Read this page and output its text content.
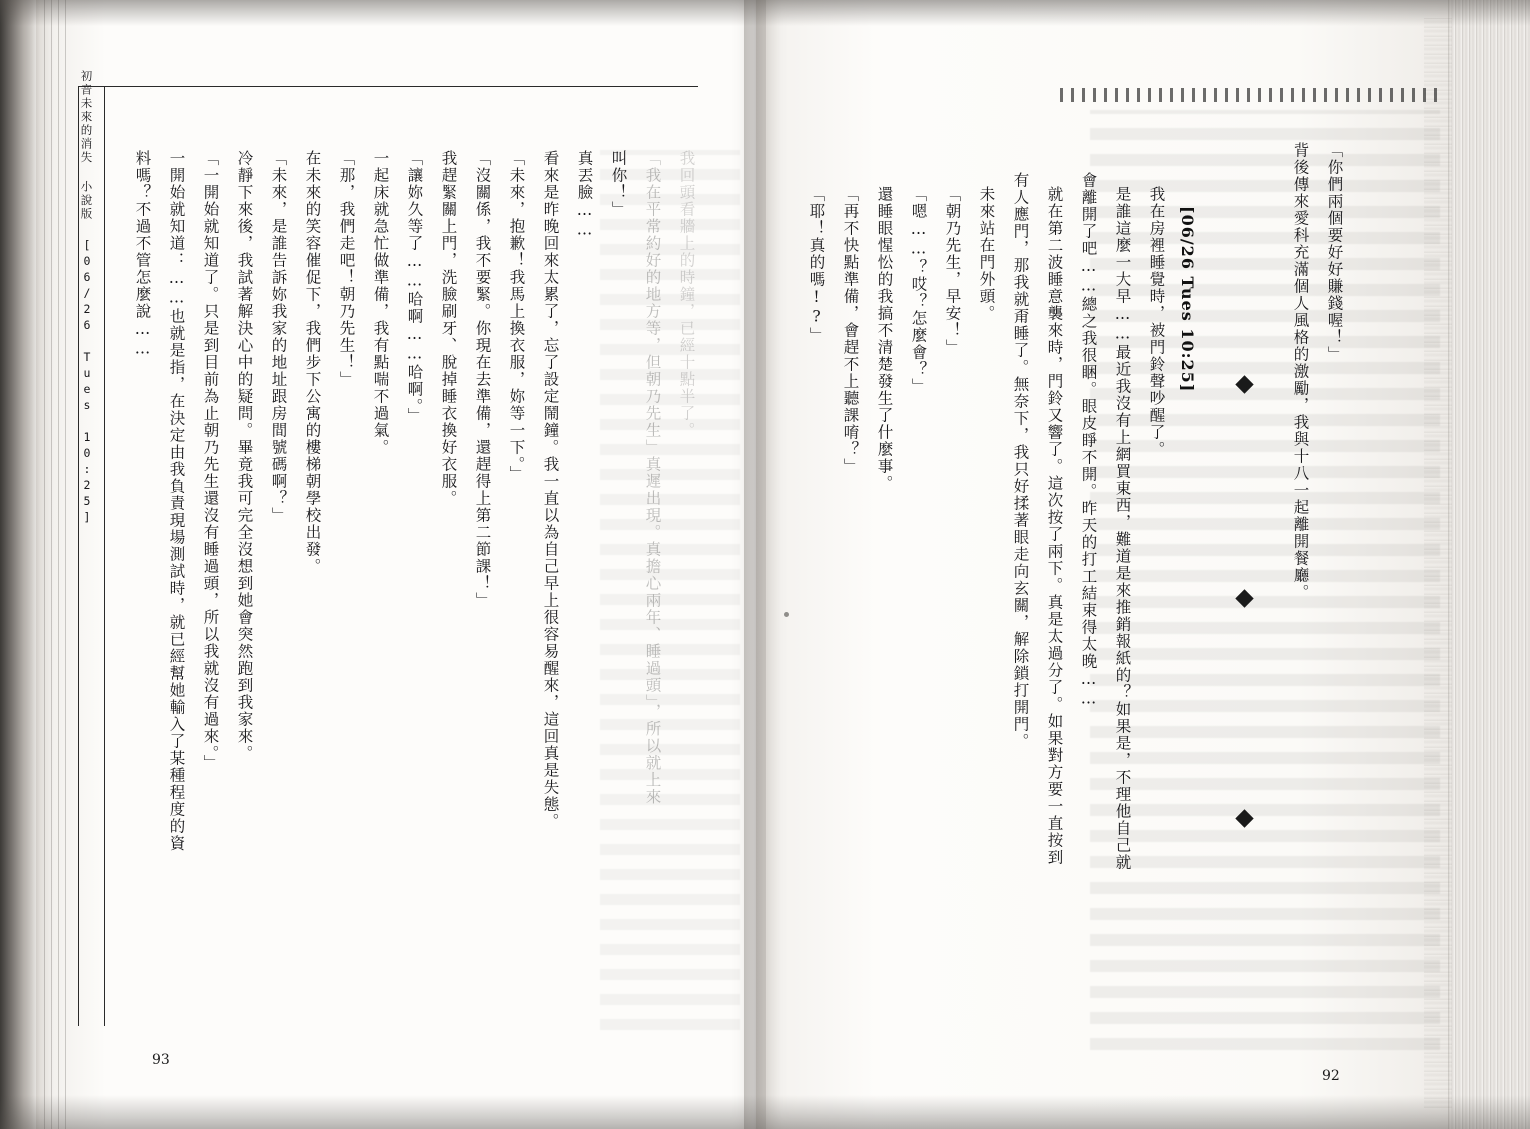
初音未來的消失 小說版
[06/26 Tues 10:25]	料嗎？不過不管怎麼說…… 一開始就知道：……也就是指，在決定由我負責現場測試時，就已經幫她輸入了某種程度的資 「一開始就知道了。只是到目前為止朝乃先生還沒有睡過頭，所以我就沒有過來。」 冷靜下來後，我試著解決心中的疑問。畢竟我可完全沒想到她會突然跑到我家來。 「未來，是誰告訴妳我家的地址跟房間號碼啊？」 在未來的笑容催促下，我們步下公寓的樓梯朝學校出發。 「那，我們走吧！朝乃先生！」 一起床就急忙做準備，我有點喘不過氣。 「讓妳久等了……哈啊……哈啊。」 我趕緊關上門，洗臉刷牙、脫掉睡衣換好衣服。 「沒關係，我不要緊。你現在去準備，還趕得上第二節課！」 「未來，抱歉！我馬上換衣服，妳等一下。」 看來是昨晚回來太累了，忘了設定鬧鐘。我一直以為自己早上很容易醒來，這回真是失態。 真丟臉…… 叫你！」 「我在平常約好的地方等，但朝乃先生」真遲出現。真擔心兩年、睡過頭」，所以就上來 我回頭看牆上的時鐘，已經十點半了。
93
[06/26 Tues 10:25]	「你們兩個要好好賺錢喔！」
背後傳來愛科充滿個人風格的激勵，我與十八一起離開餐廳。
我在房裡睡覺時，被門鈴聲吵醒了。
是誰這麼一大早……最近我沒有上網買東西，難道是來推銷報紙的？如果是，不理他自己就
會離開了吧……總之我很睏。眼皮睜不開。昨天的打工結束得太晚……
就在第二波睡意襲來時，門鈴又響了。這次按了兩下。真是太過分了。如果對方要一直按到
有人應門，那我就甭睡了。無奈下，我只好揉著眼走向玄關，解除鎖打開門。
未來站在門外頭。
「朝乃先生，早安！」
「嗯……？哎？怎麼會？」
還睡眼惺忪的我搞不清楚發生了什麼事。
「再不快點準備，會趕不上聽課唷？」
「耶！真的嗎!?」
92
